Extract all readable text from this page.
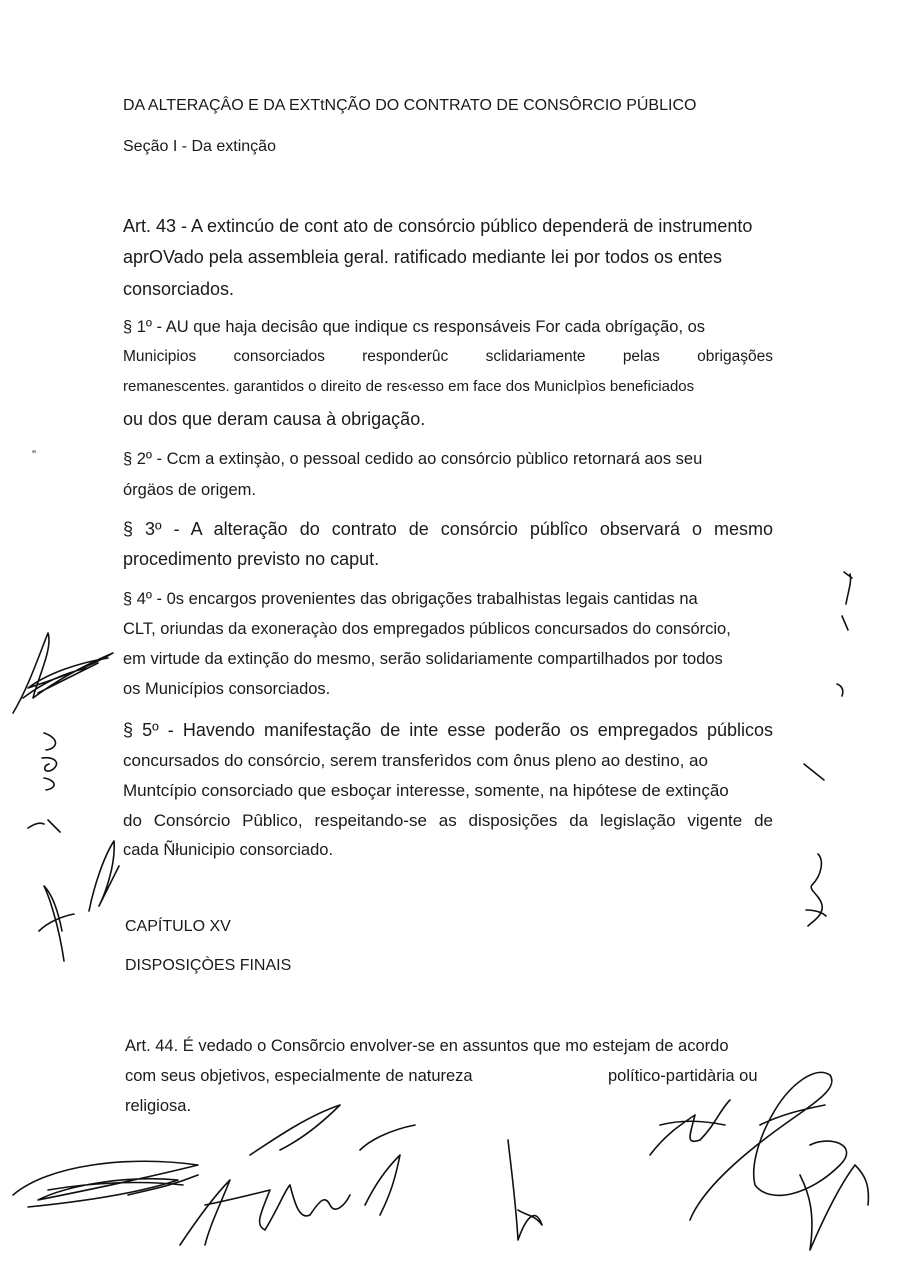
DA ALTERAÇÂO E DA EXTtNÇÃO DO CONTRATO DE CONSÔRCIO PÚBLICO
Seção I - Da extinção
Art. 43 - A extincúo de cont ato de consórcio público dependerä de instrumento
aprOVado pela assembleia geral. ratificado mediante lei por todos os entes
consorciados.
§ 1º - AU que haja decisâo que indique cs responsáveis For cada obrígação, os
Municipios consorciados responderûc sclidariamente pelas obrigaşões
remanescentes. garantidos o direito de res‹esso em face dos Municlpìos beneficiados
ou dos que deram causa à obrigação.
”	§ 2º - Ccm a extinşào, o pessoal cedido ao consórcio pùblico retornará aos seu
órgäos de origem.
§ 3º - A alteração do contrato de consórcio públîco observará o mesmo
procedimento previsto no caput.
§ 4º - 0s encargos provenientes das obrigações trabalhistas legais cantidas na
CLT, oriundas da exoneraçào dos empregados públicos concursados do consórcio,
em virtude da extinção do mesmo, serão solidariamente compartilhados por todos
os Municípios consorciados.
§ 5º - Havendo manifestação de inte esse poderão os empregados públicos
concursados do consórcio, serem transferìdos com ônus pleno ao destino, ao
Muntcípio consorciado que esboçar interesse, somente, na hipótese de extinção
do Consórcio Pûblico, respeitando-se as disposições da legislação vigente de
cada Ñłunicipio consorciado.
CAPÍTULO XV
DISPOSIÇÒES FINAIS
Art. 44. É vedado o Consõrcio envolver-se en assuntos que mo estejam de acordo
com seus objetivos, especialmente de natureza	político-partidària ou
religiosa.
